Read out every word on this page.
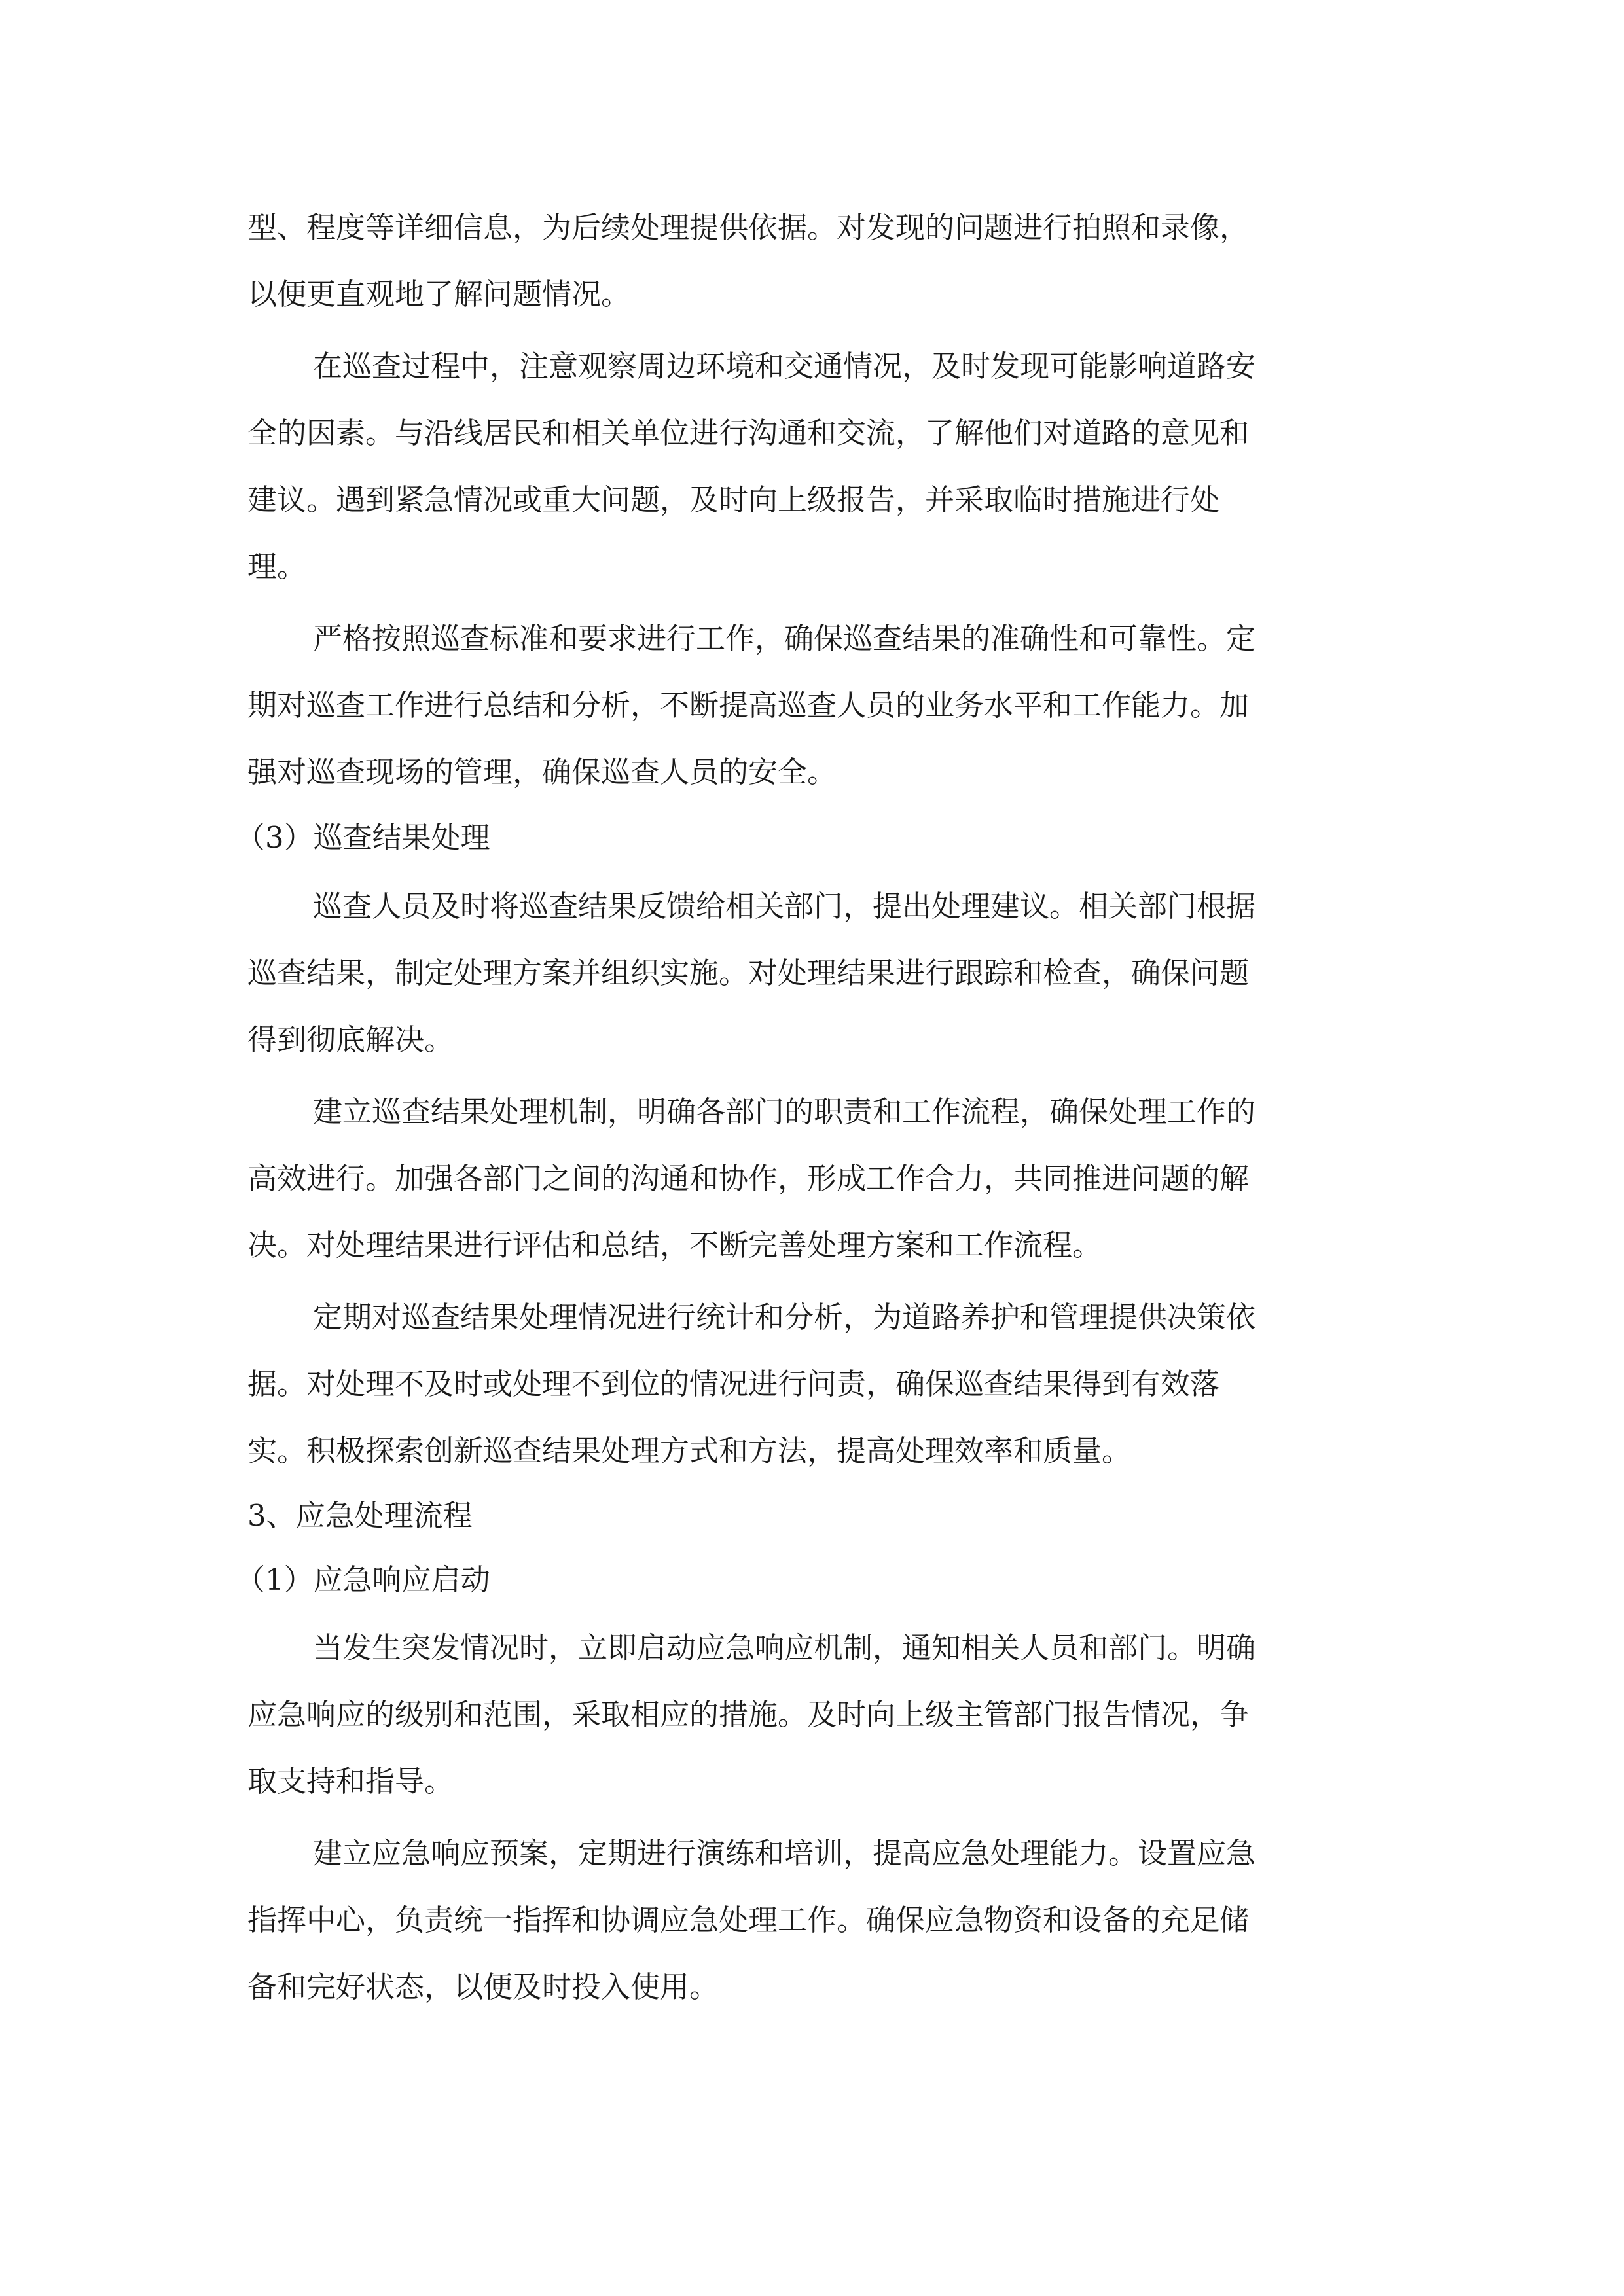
型、程度等详细信息，为后续处理提供依据。对发现的问题进行拍照和录像，

以便更直观地了解问题情况。

在巡查过程中，注意观察周边环境和交通情况，及时发现可能影响道路安

全的因素。与沿线居民和相关单位进行沟通和交流，了解他们对道路的意见和

建议。遇到紧急情况或重大问题，及时向上级报告，并采取临时措施进行处

理。

严格按照巡查标准和要求进行工作，确保巡查结果的准确性和可靠性。定

期对巡查工作进行总结和分析，不断提高巡查人员的业务水平和工作能力。加

强对巡查现场的管理，确保巡查人员的安全。

（3）巡查结果处理

巡查人员及时将巡查结果反馈给相关部门，提出处理建议。相关部门根据

巡查结果，制定处理方案并组织实施。对处理结果进行跟踪和检查，确保问题

得到彻底解决。

建立巡查结果处理机制，明确各部门的职责和工作流程，确保处理工作的

高效进行。加强各部门之间的沟通和协作，形成工作合力，共同推进问题的解

决。对处理结果进行评估和总结，不断完善处理方案和工作流程。

定期对巡查结果处理情况进行统计和分析，为道路养护和管理提供决策依

据。对处理不及时或处理不到位的情况进行问责，确保巡查结果得到有效落

实。积极探索创新巡查结果处理方式和方法，提高处理效率和质量。

3、应急处理流程

（1）应急响应启动

当发生突发情况时，立即启动应急响应机制，通知相关人员和部门。明确

应急响应的级别和范围，采取相应的措施。及时向上级主管部门报告情况，争

取支持和指导。

建立应急响应预案，定期进行演练和培训，提高应急处理能力。设置应急

指挥中心，负责统一指挥和协调应急处理工作。确保应急物资和设备的充足储

备和完好状态，以便及时投入使用。
